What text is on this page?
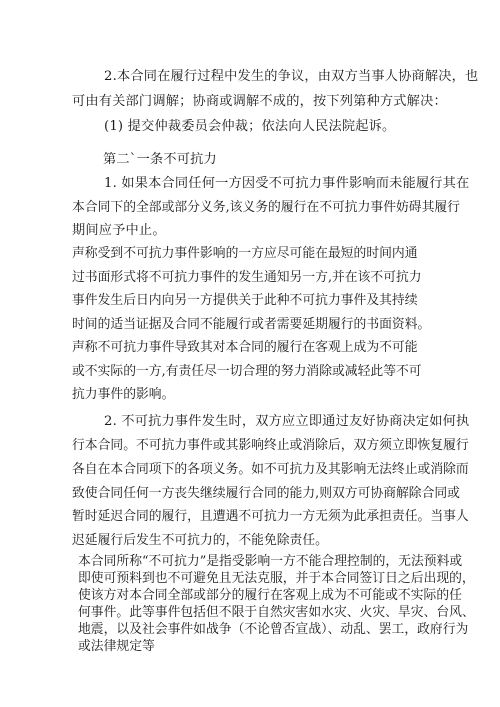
2.本合同在履行过程中发生的争议，由双方当事人协商解决，也
可由有关部门调解；协商或调解不成的，按下列第种方式解决：
(1) 提交仲裁委员会仲裁；依法向人民法院起诉。
第二`一条不可抗力
1. 如果本合同任何一方因受不可抗力事件影响而未能履行其在
本合同下的全部或部分义务,该义务的履行在不可抗力事件妨碍其履行
期间应予中止。
声称受到不可抗力事件影响的一方应尽可能在最短的时间内通
过书面形式将不可抗力事件的发生通知另一方,并在该不可抗力
事件发生后日内向另一方提供关于此种不可抗力事件及其持续
时间的适当证据及合同不能履行或者需要延期履行的书面资料。
声称不可抗力事件导致其对本合同的履行在客观上成为不可能
或不实际的一方,有责任尽一切合理的努力消除或减轻此等不可
抗力事件的影响。
2. 不可抗力事件发生时，双方应立即通过友好协商决定如何执
行本合同。不可抗力事件或其影响终止或消除后，双方须立即恢复履行
各自在本合同项下的各项义务。如不可抗力及其影响无法终止或消除而
致使合同任何一方丧失继续履行合同的能力,则双方可协商解除合同或
暂时延迟合同的履行，且遭遇不可抗力一方无须为此承担责任。当事人
迟延履行后发生不可抗力的，不能免除责任。
本合同所称“不可抗力”是指受影响一方不能合理控制的，无法预料或
即使可预料到也不可避免且无法克服，并于本合同签订日之后出现的，
使该方对本合同全部或部分的履行在客观上成为不可能或不实际的任
何事件。此等事件包括但不限于自然灾害如水灾、火灾、旱灾、台风、
地震，以及社会事件如战争（不论曾否宣战）、动乱、罢工，政府行为
或法律规定等
